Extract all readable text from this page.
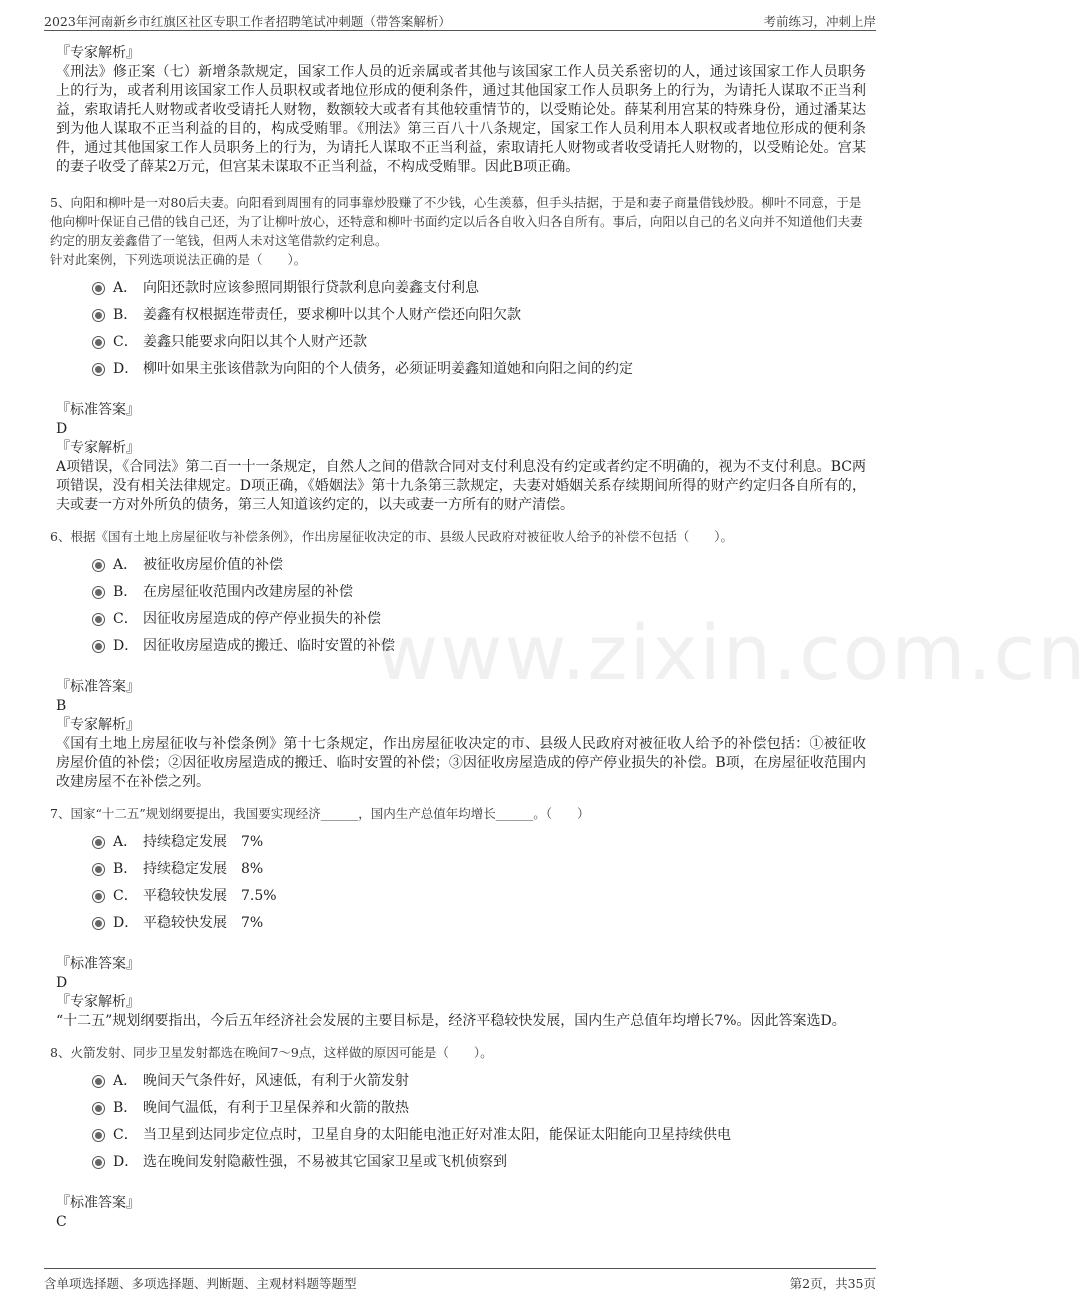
2023年河南新乡市红旗区社区专职工作者招聘笔试冲刺题（带答案解析）	考前练习，冲刺上岸
www.zixin.com.cn

『专家解析』

《刑法》修正案（七）新增条款规定，国家工作人员的近亲属或者其他与该国家工作人员关系密切的人，通过该国家工作人员职务上的行为，或者利用该国家工作人员职权或者地位形成的便利条件，通过其他国家工作人员职务上的行为，为请托人谋取不正当利益，索取请托人财物或者收受请托人财物，数额较大或者有其他较重情节的，以受贿论处。薛某利用宫某的特殊身份，通过潘某达到为他人谋取不正当利益的目的，构成受贿罪。《刑法》第三百八十八条规定，国家工作人员利用本人职权或者地位形成的便利条件，通过其他国家工作人员职务上的行为，为请托人谋取不正当利益，索取请托人财物或者收受请托人财物的，以受贿论处。宫某的妻子收受了薛某2万元，但宫某未谋取不正当利益，不构成受贿罪。因此B项正确。

5、向阳和柳叶是一对80后夫妻。向阳看到周围有的同事靠炒股赚了不少钱，心生羡慕，但手头拮据，于是和妻子商量借钱炒股。柳叶不同意，于是他向柳叶保证自己借的钱自己还，为了让柳叶放心，还特意和柳叶书面约定以后各自收入归各自所有。事后，向阳以自己的名义向并不知道他们夫妻约定的朋友姜鑫借了一笔钱，但两人未对这笔借款约定利息。

针对此案例，下列选项说法正确的是（　　）。

A． 向阳还款时应该参照同期银行贷款利息向姜鑫支付利息
B． 姜鑫有权根据连带责任，要求柳叶以其个人财产偿还向阳欠款
C． 姜鑫只能要求向阳以其个人财产还款
D． 柳叶如果主张该借款为向阳的个人债务，必须证明姜鑫知道她和向阳之间的约定

『标准答案』

D

『专家解析』

A项错误，《合同法》第二百一十一条规定，自然人之间的借款合同对支付利息没有约定或者约定不明确的，视为不支付利息。BC两项错误，没有相关法律规定。D项正确，《婚姻法》第十九条第三款规定，夫妻对婚姻关系存续期间所得的财产约定归各自所有的，夫或妻一方对外所负的债务，第三人知道该约定的，以夫或妻一方所有的财产清偿。

6、根据《国有土地上房屋征收与补偿条例》，作出房屋征收决定的市、县级人民政府对被征收人给予的补偿不包括（　　）。

A． 被征收房屋价值的补偿
B． 在房屋征收范围内改建房屋的补偿
C． 因征收房屋造成的停产停业损失的补偿
D． 因征收房屋造成的搬迁、临时安置的补偿

『标准答案』

B

『专家解析』

《国有土地上房屋征收与补偿条例》第十七条规定，作出房屋征收决定的市、县级人民政府对被征收人给予的补偿包括：①被征收房屋价值的补偿；②因征收房屋造成的搬迁、临时安置的补偿；③因征收房屋造成的停产停业损失的补偿。B项，在房屋征收范围内改建房屋不在补偿之列。

7、国家“十二五”规划纲要提出，我国要实现经济______，国内生产总值年均增长______。（　　）

A． 持续稳定发展　7%
B． 持续稳定发展　8%
C． 平稳较快发展　7.5%
D． 平稳较快发展　7%

『标准答案』

D

『专家解析』

“十二五”规划纲要指出，今后五年经济社会发展的主要目标是，经济平稳较快发展，国内生产总值年均增长7%。因此答案选D。

8、火箭发射、同步卫星发射都选在晚间7～9点，这样做的原因可能是（　　）。

A． 晚间天气条件好，风速低，有利于火箭发射
B． 晚间气温低，有利于卫星保养和火箭的散热
C． 当卫星到达同步定位点时，卫星自身的太阳能电池正好对准太阳，能保证太阳能向卫星持续供电
D． 选在晚间发射隐蔽性强，不易被其它国家卫星或飞机侦察到

『标准答案』

C

含单项选择题、多项选择题、判断题、主观材料题等题型	第2页，共35页
